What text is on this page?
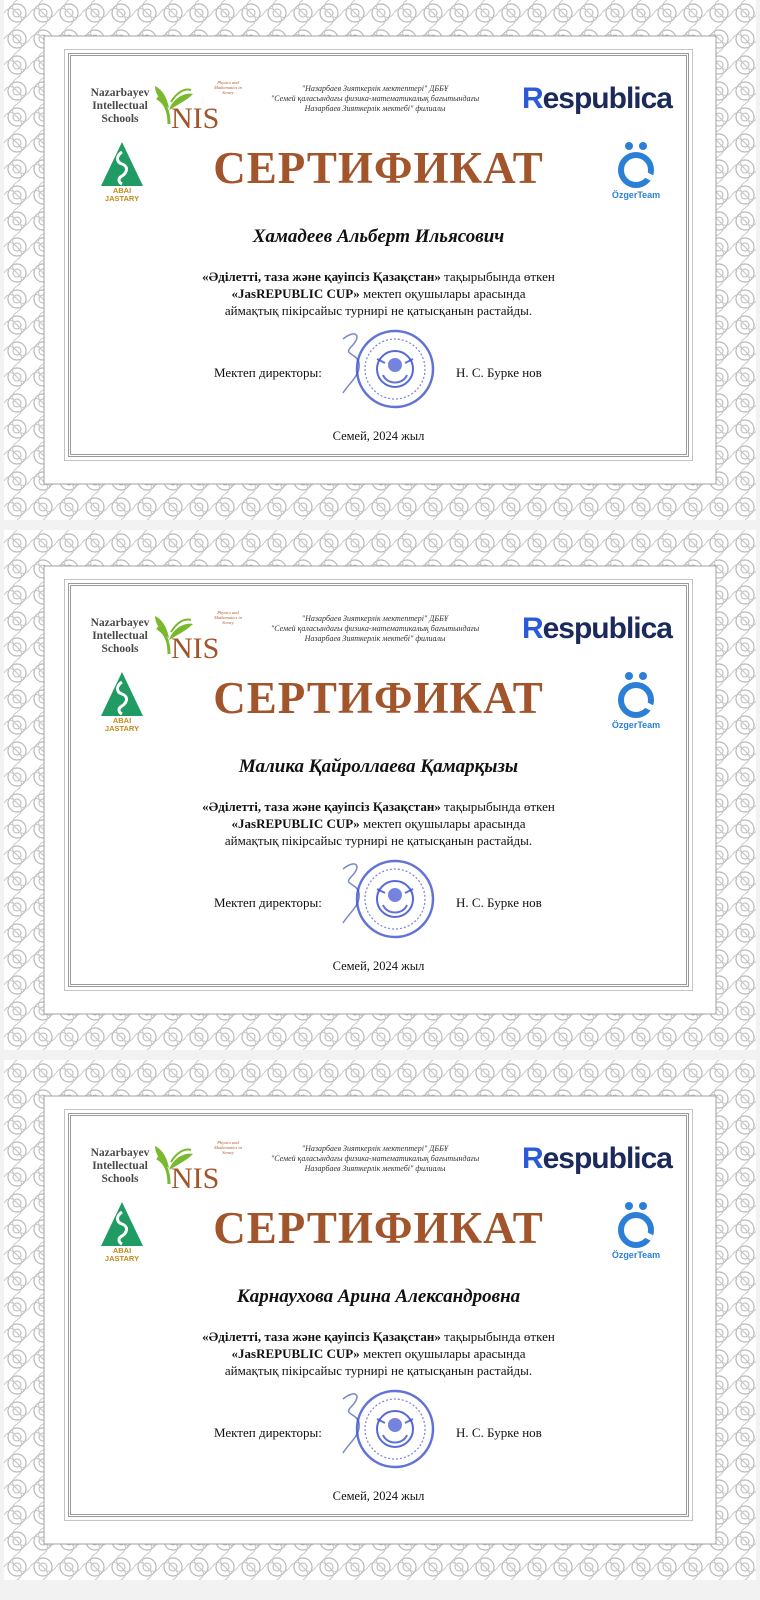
Nazarbayev Intellectual Schools	NIS
Physics and Mathematics in Semey	"Назарбаев Зияткерлік мектептері" ДББҰ
"Семей қаласындағы физика-математикалық бағытындағы
Назарбаев Зияткерлік мектебі" филиалы	Respublica
ABAI JASTARY	ÖzgerTeam
СЕРТИФИКАТ
Хамадеев Альберт Ильясович
«Әділетті, таза және қауіпсіз Қазақстан» тақырыбында өткен
«JasREPUBLIC CUP» мектеп оқушылары арасында
аймақтық пікірсайыс турнирі не қатысқанын растайды.
Мектеп директоры:	Н. С. Бурке нов
Семей, 2024 жыл
Nazarbayev Intellectual Schools	NIS
Physics and Mathematics in Semey	"Назарбаев Зияткерлік мектептері" ДББҰ
"Семей қаласындағы физика-математикалық бағытындағы
Назарбаев Зияткерлік мектебі" филиалы	Respublica
ABAI JASTARY	ÖzgerTeam
СЕРТИФИКАТ
Малика Қайроллаева Қамарқызы
«Әділетті, таза және қауіпсіз Қазақстан» тақырыбында өткен
«JasREPUBLIC CUP» мектеп оқушылары арасында
аймақтық пікірсайыс турнирі не қатысқанын растайды.
Мектеп директоры:	Н. С. Бурке нов
Семей, 2024 жыл
Nazarbayev Intellectual Schools	NIS
Physics and Mathematics in Semey	"Назарбаев Зияткерлік мектептері" ДББҰ
"Семей қаласындағы физика-математикалық бағытындағы
Назарбаев Зияткерлік мектебі" филиалы	Respublica
ABAI JASTARY	ÖzgerTeam
СЕРТИФИКАТ
Карнаухова Арина Александровна
«Әділетті, таза және қауіпсіз Қазақстан» тақырыбында өткен
«JasREPUBLIC CUP» мектеп оқушылары арасында
аймақтық пікірсайыс турнирі не қатысқанын растайды.
Мектеп директоры:	Н. С. Бурке нов
Семей, 2024 жыл
